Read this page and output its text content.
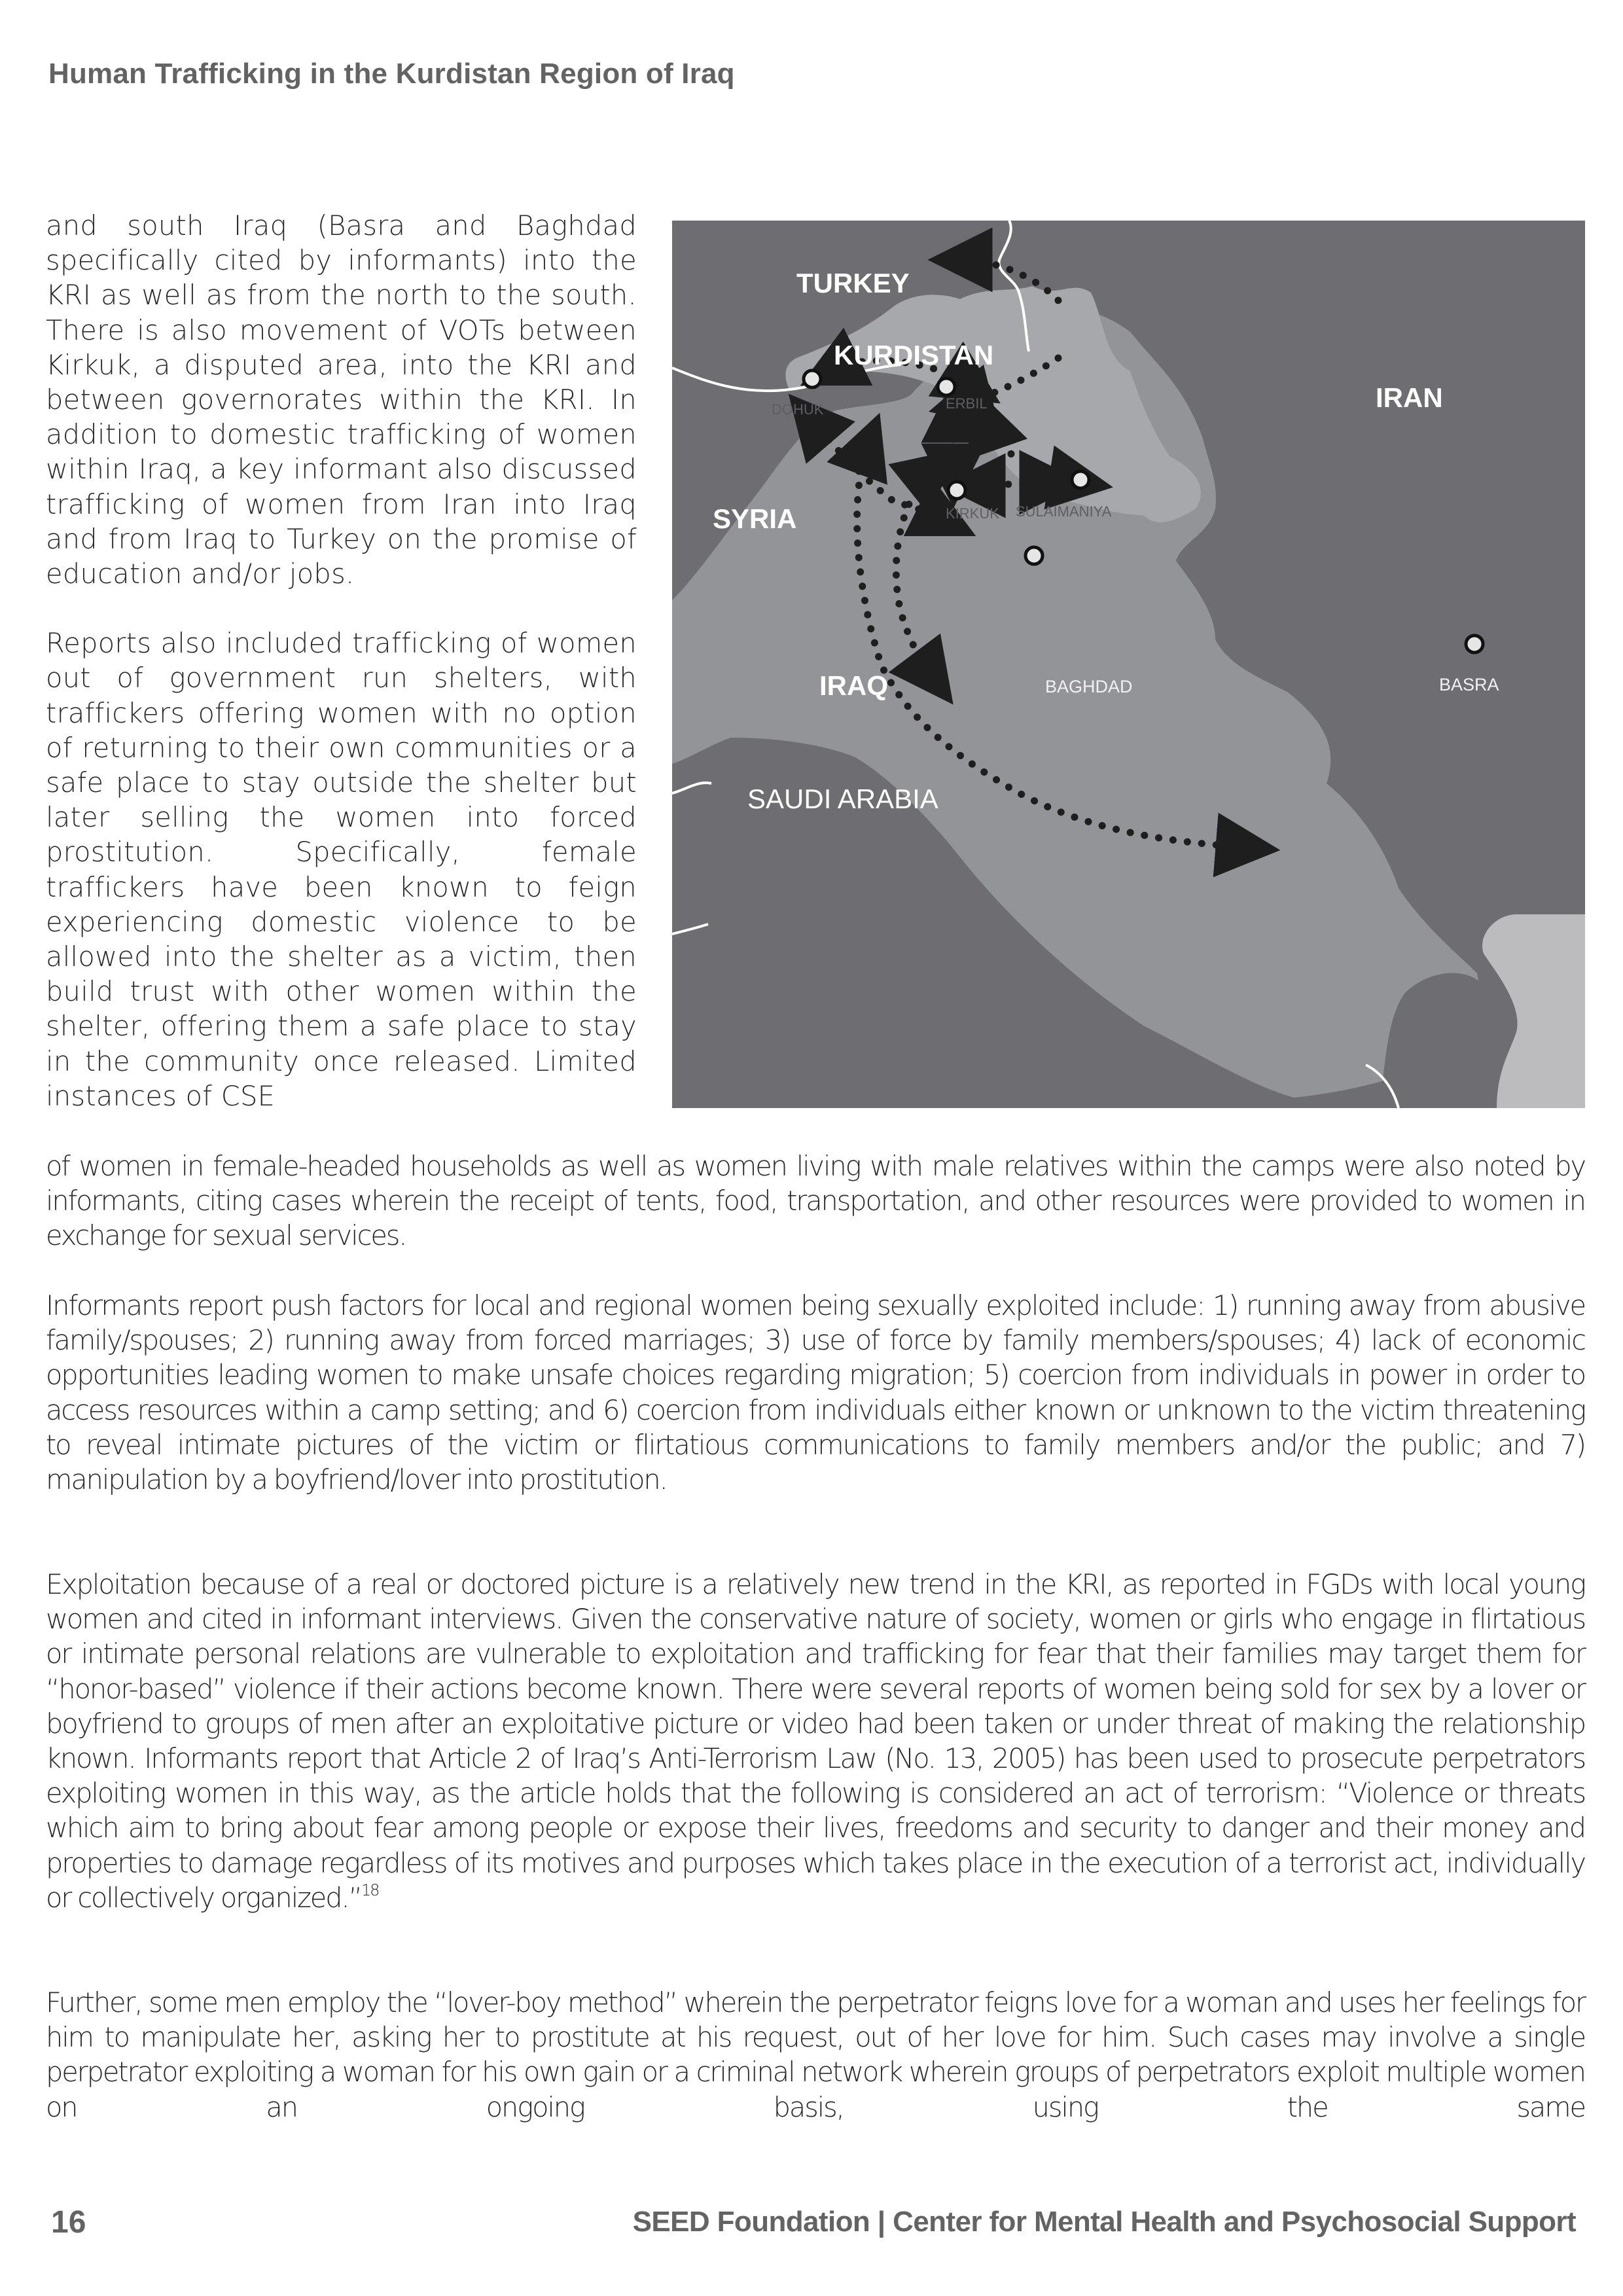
Human Trafficking in the Kurdistan Region of Iraq
TURKEY
KURDISTAN
IRAN
SYRIA
IRAQ
SAUDI ARABIA
DOHUK	ERBIL
KIRKUK SULAIMANIYA
BAGHDAD	BASRA

and south Iraq (Basra and Baghdad specifically cited by informants) into the KRI as well as from the north to the south. There is also movement of VOTs between Kirkuk, a disputed area, into the KRI and between governorates within the KRI. In addition to domestic trafficking of women within Iraq, a key informant also discussed trafficking of women from Iran into Iraq and from Iraq to Turkey on the promise of education and/or jobs.

Reports also included trafficking of women out of government run shelters, with traffickers offering women with no option of returning to their own communities or a safe place to stay outside the shelter but later selling the women into forced prostitution. Specifically, female traffickers have been known to feign experiencing domestic violence to be allowed into the shelter as a victim, then build trust with other women within the shelter, offering them a safe place to stay in the community once released. Limited instances of CSE

of women in female-headed households as well as women living with male relatives within the camps were also noted by informants, citing cases wherein the receipt of tents, food, transportation, and other resources were provided to women in exchange for sexual services.

Informants report push factors for local and regional women being sexually exploited include: 1) running away from abusive family/spouses; 2) running away from forced marriages; 3) use of force by family members/spouses; 4) lack of economic opportunities leading women to make unsafe choices regarding migration; 5) coercion from individuals in power in order to access resources within a camp setting; and 6) coercion from individuals either known or unknown to the victim threatening to reveal intimate pictures of the victim or flirtatious communications to family members and/or the public; and 7) manipulation by a boyfriend/lover into prostitution.

Exploitation because of a real or doctored picture is a relatively new trend in the KRI, as reported in FGDs with local young women and cited in informant interviews. Given the conservative nature of society, women or girls who engage in flirtatious or intimate personal relations are vulnerable to exploitation and trafficking for fear that their families may target them for “honor-based” violence if their actions become known. There were several reports of women being sold for sex by a lover or boyfriend to groups of men after an exploitative picture or video had been taken or under threat of making the relationship known. Informants report that Article 2 of Iraq’s Anti-Terrorism Law (No. 13, 2005) has been used to prosecute perpetrators exploiting women in this way, as the article holds that the following is considered an act of terrorism: “Violence or threats which aim to bring about fear among people or expose their lives, freedoms and security to danger and their money and properties to damage regardless of its motives and purposes which takes place in the execution of a terrorist act, individually or collectively organized.”$^{18}$

Further, some men employ the “lover-boy method” wherein the perpetrator feigns love for a woman and uses her feelings for him to manipulate her, asking her to prostitute at his request, out of her love for him. Such cases may involve a single perpetrator exploiting a woman for his own gain or a criminal network wherein groups of perpetrators exploit multiple women on an ongoing basis, using the same

16	SEED Foundation | Center for Mental Health and Psychosocial Support
